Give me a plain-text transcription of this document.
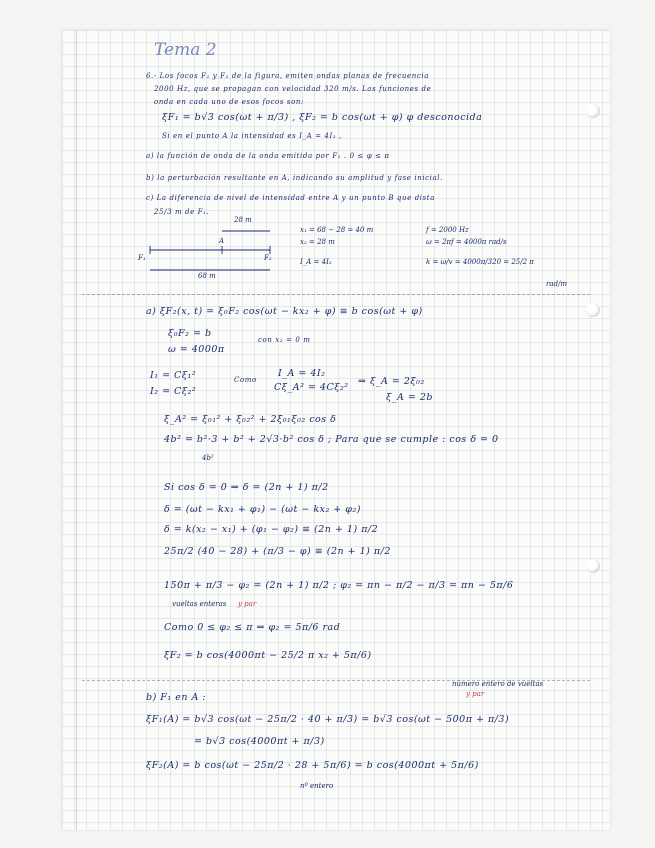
Tema 2
6.- Los focos F₁ y F₂ de la figura, emiten ondas planas de frecuencia
2000 Hz, que se propagan con velocidad 320 m/s. Las funciones de
onda en cada uno de esos focos son:
ξF₁ = b√3 cos(ωt + π/3) , ξF₂ = b cos(ωt + φ) φ desconocida
Si en el punto A la intensidad es I_A = 4I₂ ,
a) la función de onda de la onda emitida por F₂ . 0 ≤ φ ≤ π
b) la perturbación resultante en A, indicando su amplitud y fase inicial.
c) La diferencia de nivel de intensidad entre A y un punto B que dista
25/3 m de F₁.
28 m
A
F₁	F₂
68 m
x₁ = 68 − 28 = 40 m
x₂ = 28 m
I_A = 4I₂
f = 2000 Hz
ω = 2πf = 4000π rad/s
k = ω/v = 4000π/320 = 25/2 π
rad/m
a) ξF₂(x, t) = ξ₀F₂ cos(ωt − kx₂ + φ) ≡ b cos(ωt + φ)
ξ₀F₂ = b
ω = 4000π
con x₂ = 0 m
I₁ = Cξ₁²
I₂ = Cξ₂²
Como
I_A = 4I₂
Cξ_A² = 4Cξ₂²
⇒ ξ_A = 2ξ₀₂
ξ_A = 2b
ξ_A² = ξ₀₁² + ξ₀₂² + 2ξ₀₁ξ₀₂ cos δ
4b² = b²·3 + b² + 2√3·b² cos δ ; Para que se cumple : cos δ = 0
4b²
Si cos δ = 0 ⇒ δ = (2n + 1) π/2
δ = (ωt − kx₁ + φ₁) − (ωt − kx₂ + φ₂)
δ = k(x₂ − x₁) + (φ₁ − φ₂) ≡ (2n + 1) π/2
25π/2 (40 − 28) + (π/3 − φ) ≡ (2n + 1) π/2
150π + π/3 − φ₂ = (2n + 1) π/2 ; φ₂ = πn − π/2 − π/3 = πn − 5π/6
vueltas enteras y par
Como 0 ≤ φ₂ ≤ π ⇒ φ₂ = 5π/6 rad
ξF₂ = b cos(4000πt − 25/2 π x₂ + 5π/6)
b) F₁ en A :
número entero de vueltas
y par
ξF₁(A) = b√3 cos(ωt − 25π/2 · 40 + π/3) = b√3 cos(ωt − 500π + π/3)
= b√3 cos(4000πt + π/3)
ξF₂(A) = b cos(ωt − 25π/2 · 28 + 5π/6) = b cos(4000πt + 5π/6)
nº entero
